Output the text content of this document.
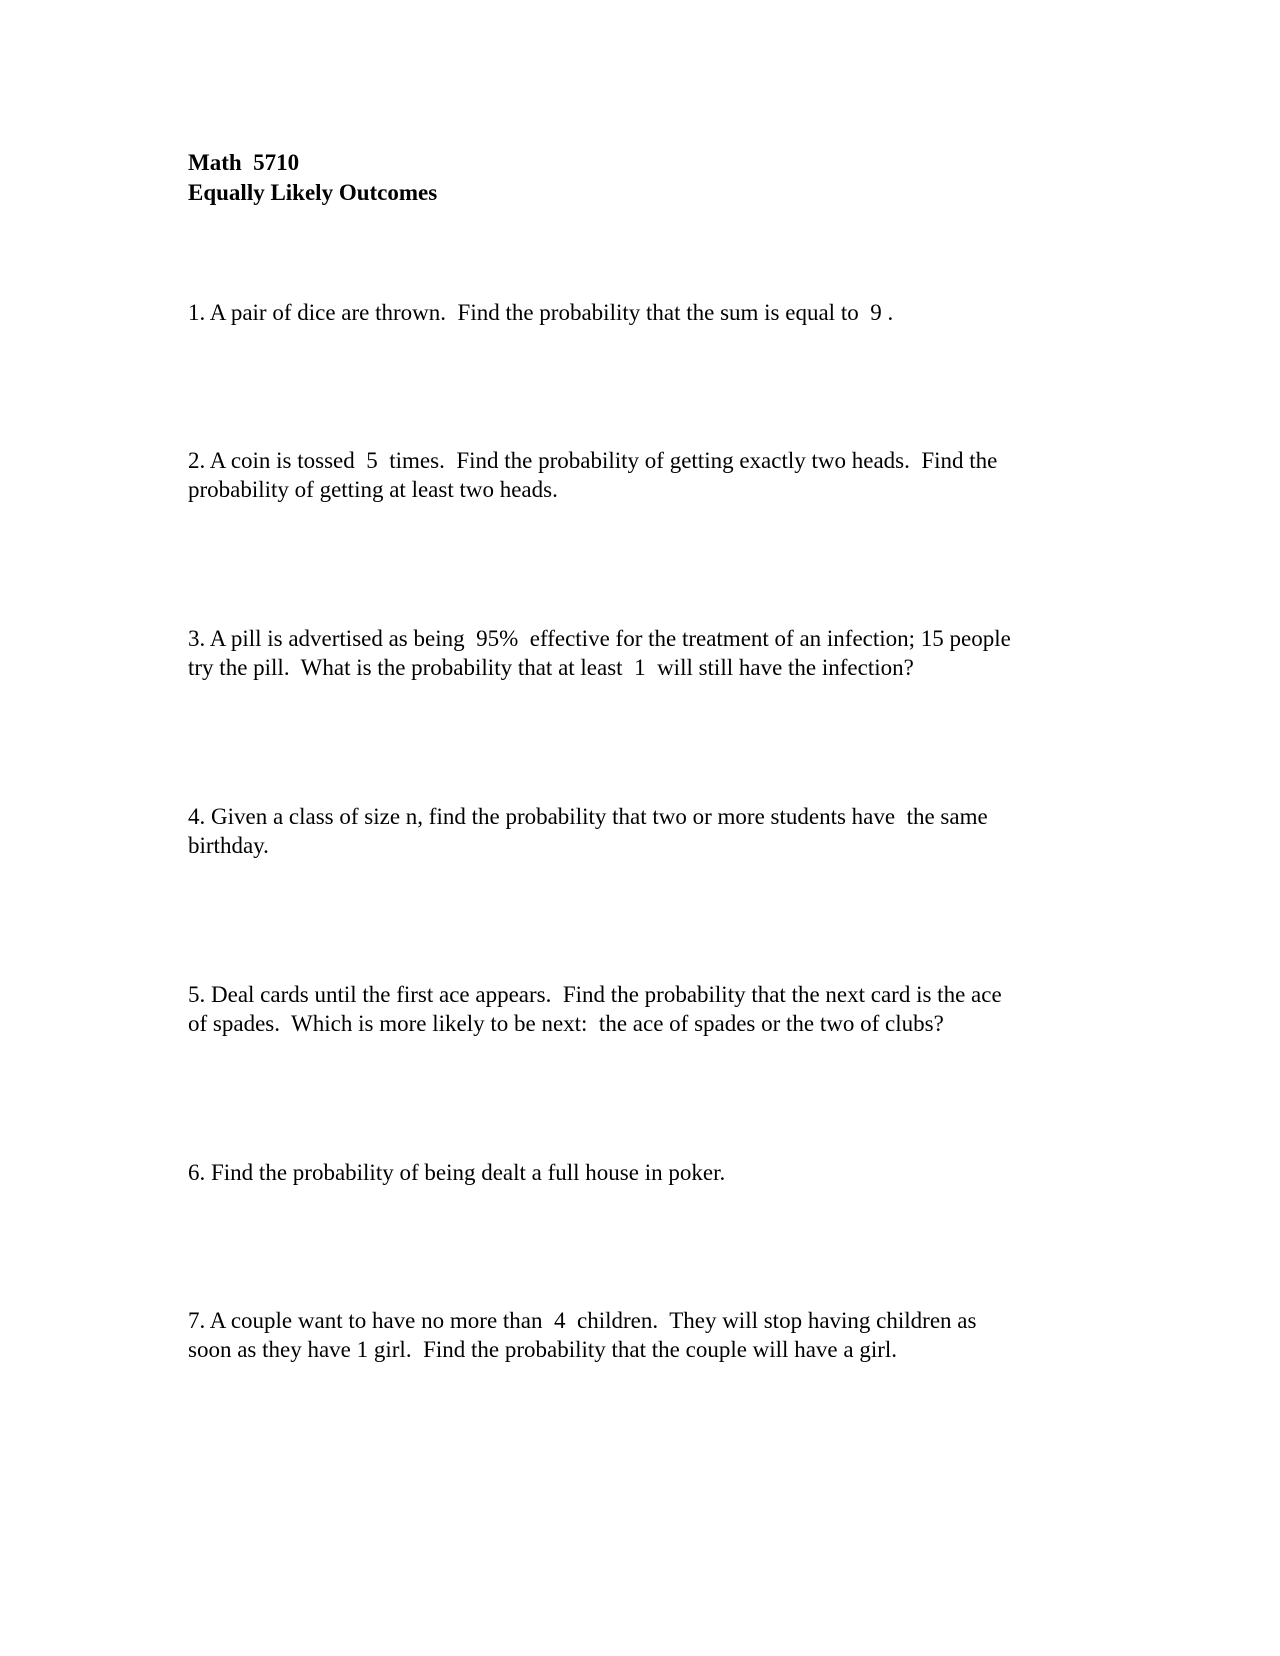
Math  5710
Equally Likely Outcomes
1. A pair of dice are thrown.  Find the probability that the sum is equal to  9 .
2. A coin is tossed  5  times.  Find the probability of getting exactly two heads.  Find the
probability of getting at least two heads.
3. A pill is advertised as being  95%  effective for the treatment of an infection; 15 people
try the pill.  What is the probability that at least  1  will still have the infection?
4. Given a class of size n, find the probability that two or more students have  the same
birthday.
5. Deal cards until the first ace appears.  Find the probability that the next card is the ace
of spades.  Which is more likely to be next:  the ace of spades or the two of clubs?
6. Find the probability of being dealt a full house in poker.
7. A couple want to have no more than  4  children.  They will stop having children as
soon as they have 1 girl.  Find the probability that the couple will have a girl.
